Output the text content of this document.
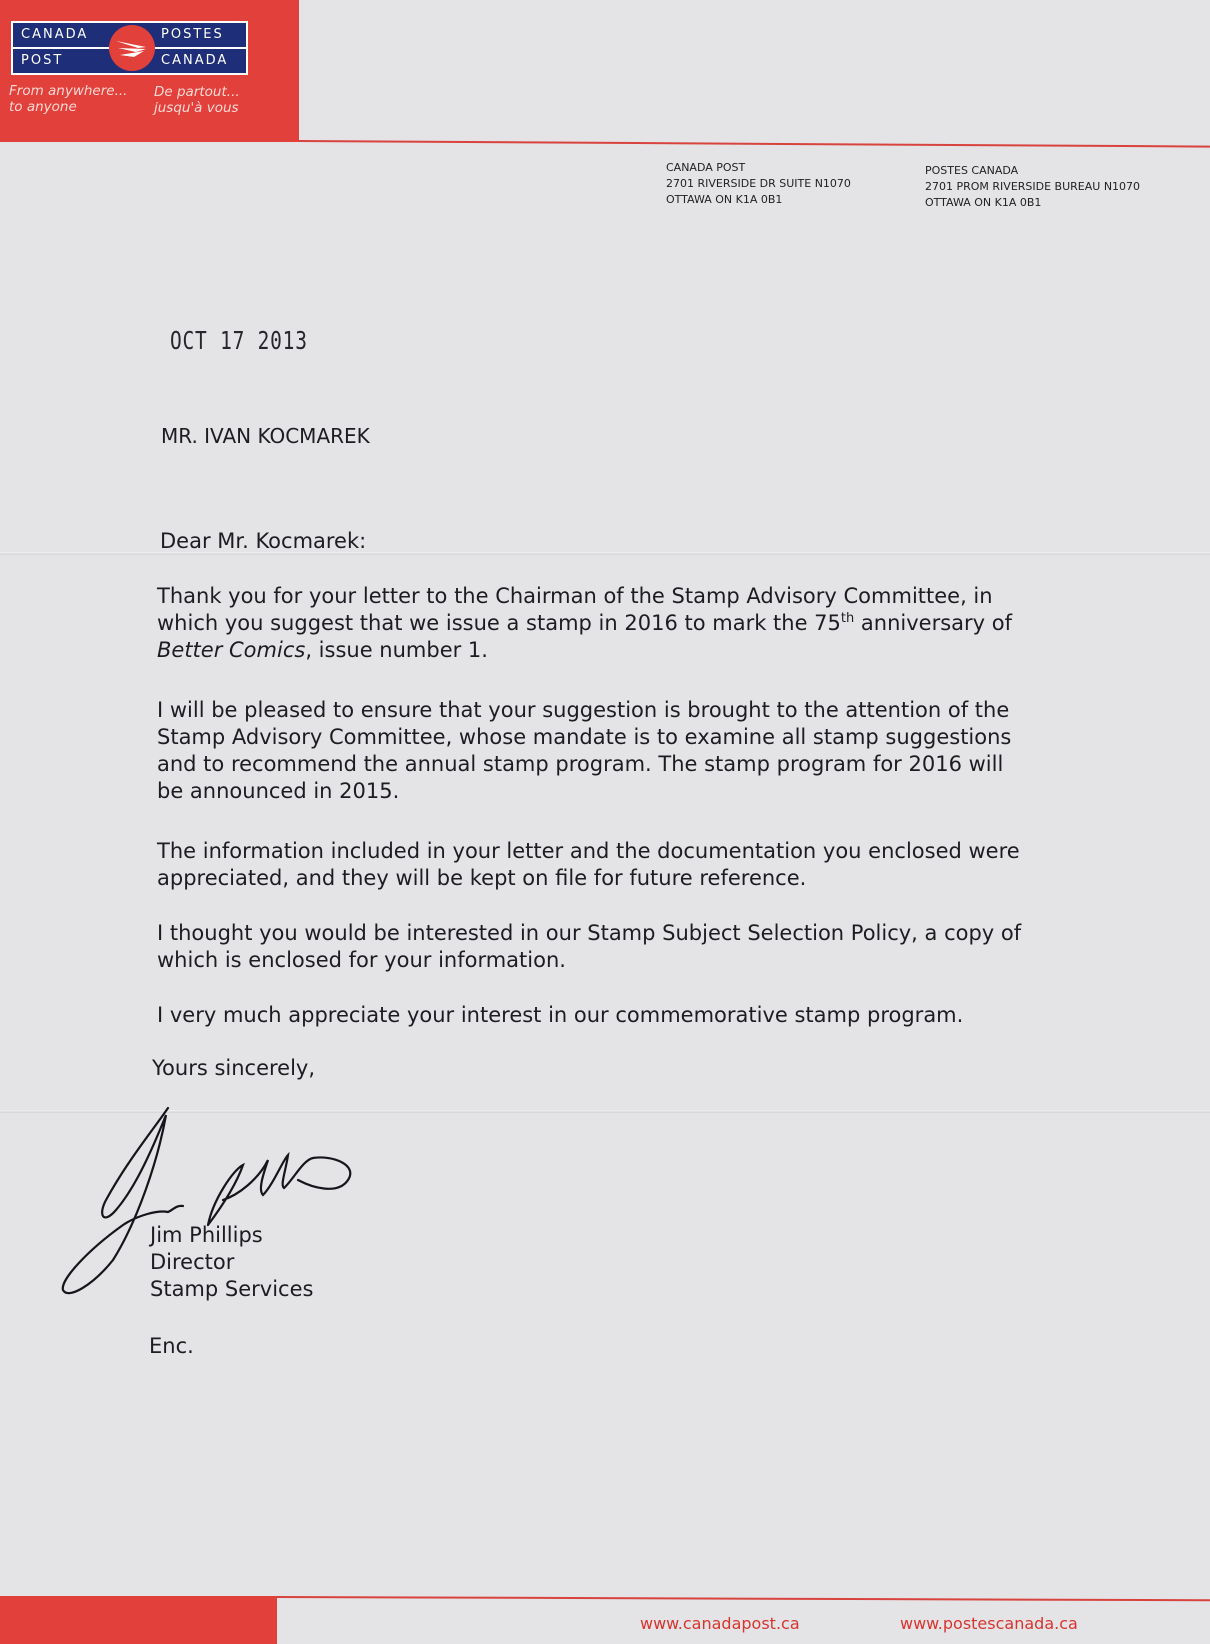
CANADA
POST
POSTES
CANADA
From anywhere...
to anyone
De partout...
jusqu'à vous
CANADA POST
2701 RIVERSIDE DR SUITE N1070
OTTAWA ON K1A 0B1
POSTES CANADA
2701 PROM RIVERSIDE BUREAU N1070
OTTAWA ON K1A 0B1
OCT 17 2013
MR. IVAN KOCMAREK
Dear Mr. Kocmarek:

Thank you for your letter to the Chairman of the Stamp Advisory Committee, in

which you suggest that we issue a stamp in 2016 to mark the 75th anniversary of

Better Comics, issue number 1.

I will be pleased to ensure that your suggestion is brought to the attention of the

Stamp Advisory Committee, whose mandate is to examine all stamp suggestions

and to recommend the annual stamp program. The stamp program for 2016 will

be announced in 2015.

The information included in your letter and the documentation you enclosed were

appreciated, and they will be kept on file for future reference.

I thought you would be interested in our Stamp Subject Selection Policy, a copy of

which is enclosed for your information.

I very much appreciate your interest in our commemorative stamp program.

Yours sincerely,

Jim Phillips

Director

Stamp Services

Enc.
www.canadapost.ca	www.postescanada.ca
